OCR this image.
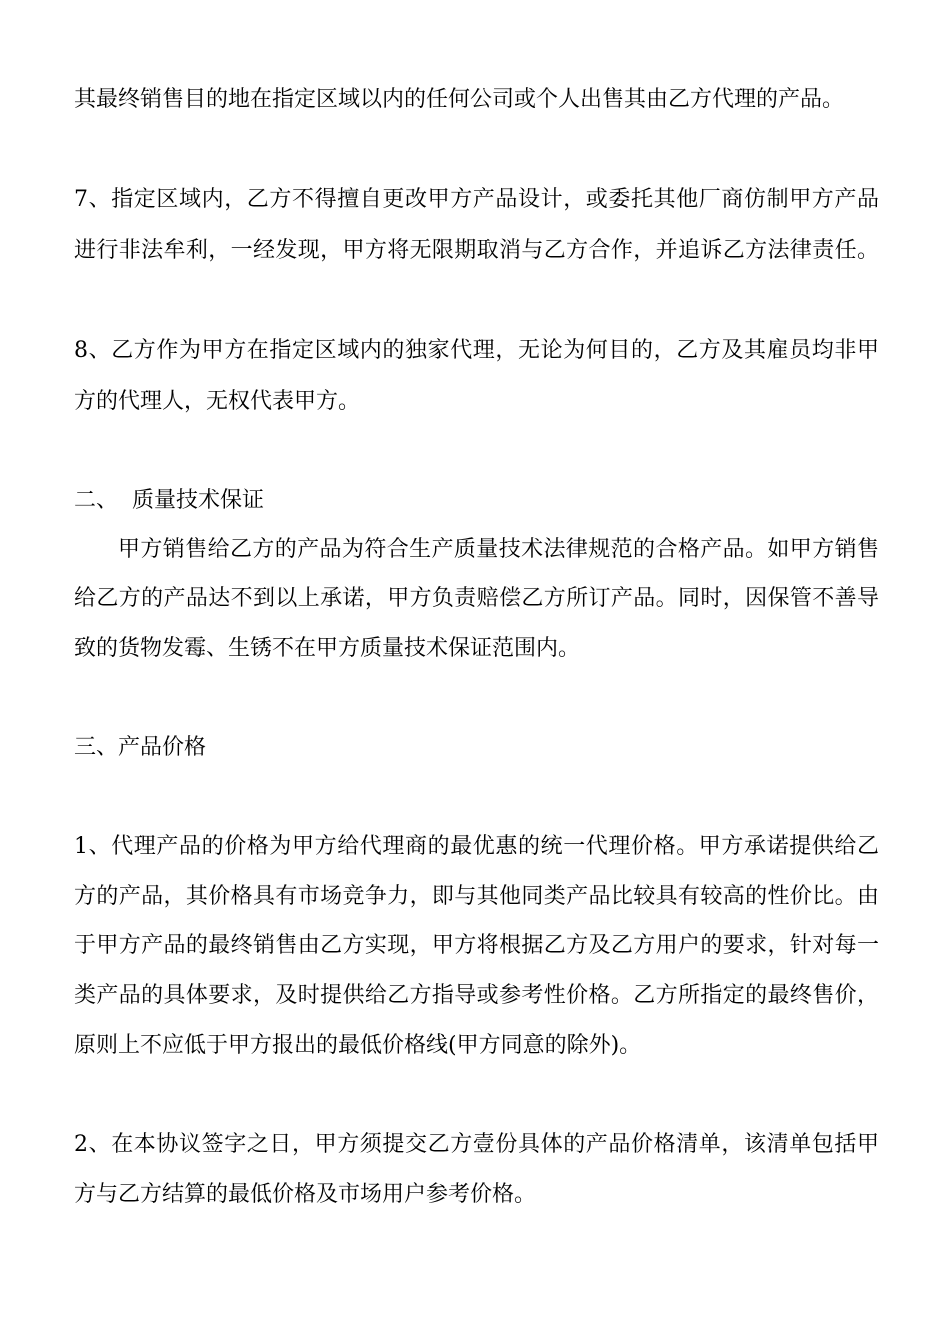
其最终销售目的地在指定区域以内的任何公司或个人出售其由乙方代理的产品。
7、指定区域内，乙方不得擅自更改甲方产品设计，或委托其他厂商仿制甲方产品
进行非法牟利，一经发现，甲方将无限期取消与乙方合作，并追诉乙方法律责任。
8、乙方作为甲方在指定区域内的独家代理，无论为何目的，乙方及其雇员均非甲
方的代理人，无权代表甲方。
二、  质量技术保证
甲方销售给乙方的产品为符合生产质量技术法律规范的合格产品。如甲方销售
给乙方的产品达不到以上承诺，甲方负责赔偿乙方所订产品。同时，因保管不善导
致的货物发霉、生锈不在甲方质量技术保证范围内。
三、产品价格
1、代理产品的价格为甲方给代理商的最优惠的统一代理价格。甲方承诺提供给乙
方的产品，其价格具有市场竞争力，即与其他同类产品比较具有较高的性价比。由
于甲方产品的最终销售由乙方实现，甲方将根据乙方及乙方用户的要求，针对每一
类产品的具体要求，及时提供给乙方指导或参考性价格。乙方所指定的最终售价，
原则上不应低于甲方报出的最低价格线(甲方同意的除外)。
2、在本协议签字之日，甲方须提交乙方壹份具体的产品价格清单，该清单包括甲
方与乙方结算的最低价格及市场用户参考价格。
